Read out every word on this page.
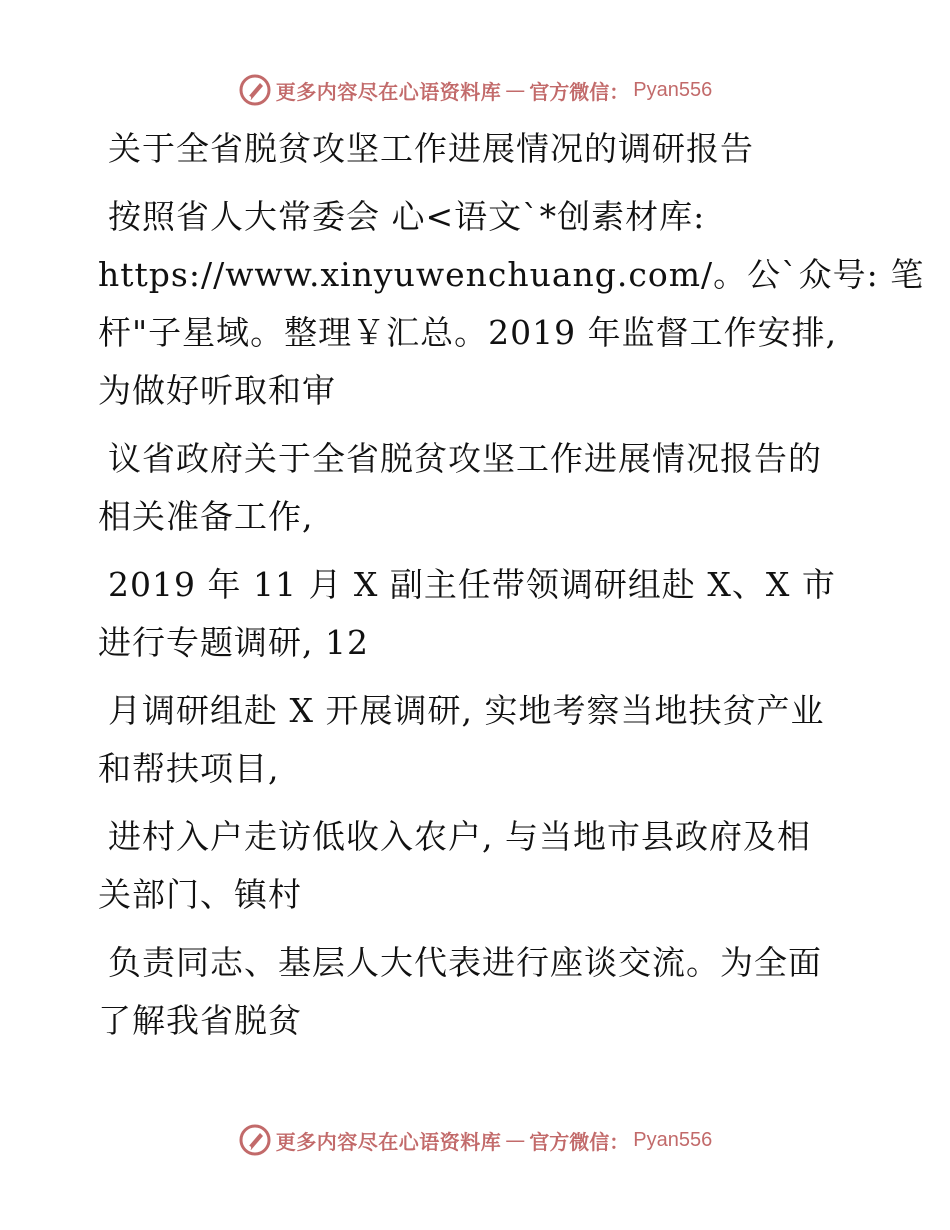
更多内容尽在心语资料库 — 官方微信： Pyan556
关于全省脱贫攻坚工作进展情况的调研报告
按照省人大常委会 心<语文`*创素材库:
https://www.xinyuwenchuang.com/。公`众号: 笔
杆"子星域。整理￥汇总。2019 年监督工作安排,
为做好听取和审
议省政府关于全省脱贫攻坚工作进展情况报告的
相关准备工作,
2019 年 11 月 X 副主任带领调研组赴 X、X 市
进行专题调研, 12
月调研组赴 X 开展调研, 实地考察当地扶贫产业
和帮扶项目,
进村入户走访低收入农户, 与当地市县政府及相
关部门、镇村
负责同志、基层人大代表进行座谈交流。为全面
了解我省脱贫
更多内容尽在心语资料库 — 官方微信： Pyan556
